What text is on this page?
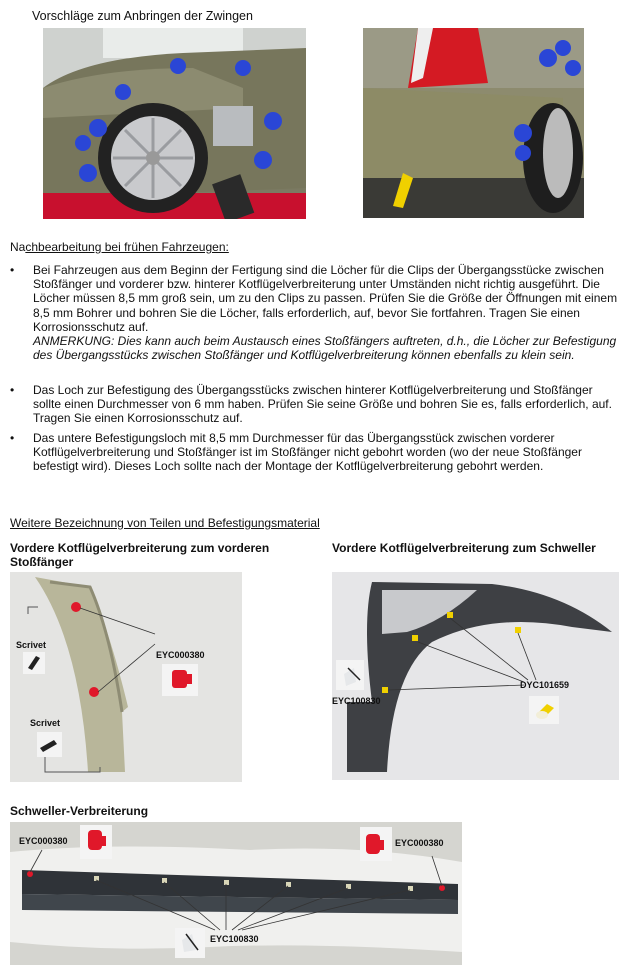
Vorschläge zum Anbringen der Zwingen
Nachbearbeitung bei frühen Fahrzeugen:
• Bei Fahrzeugen aus dem Beginn der Fertigung sind die Löcher für die Clips der Übergangsstücke zwischen Stoßfänger und vorderer bzw. hinterer Kotflügelverbreiterung unter Umständen nicht richtig ausgeführt. Die Löcher müssen 8,5 mm groß sein, um zu den Clips zu passen. Prüfen Sie die Größe der Öffnungen mit einem 8,5 mm Bohrer und bohren Sie die Löcher, falls erforderlich, auf, bevor Sie fortfahren. Tragen Sie einen Korrosionsschutz auf.
ANMERKUNG: Dies kann auch beim Austausch eines Stoßfängers auftreten, d.h., die Löcher zur Befestigung des Übergangsstücks zwischen Stoßfänger und Kotflügelverbreiterung können ebenfalls zu klein sein.
• Das Loch zur Befestigung des Übergangsstücks zwischen hinterer Kotflügelverbreiterung und Stoßfänger sollte einen Durchmesser von 6 mm haben. Prüfen Sie seine Größe und bohren Sie es, falls erforderlich, auf. Tragen Sie einen Korrosionsschutz auf.
• Das untere Befestigungsloch mit 8,5 mm Durchmesser für das Übergangsstück zwischen vorderer Kotflügelverbreiterung und Stoßfänger ist im Stoßfänger nicht gebohrt worden (wo der neue Stoßfänger befestigt wird). Dieses Loch sollte nach der Montage der Kotflügelverbreiterung gebohrt werden.
Weitere Bezeichnung von Teilen und Befestigungsmaterial
Vordere Kotflügelverbreiterung zum vorderen Stoßfänger
Vordere Kotflügelverbreiterung zum Schweller
Scrivet
Scrivet
EYC000380
DYC101659
EYC100830
Schweller-Verbreiterung
EYC000380	EYC000380
EYC100830
